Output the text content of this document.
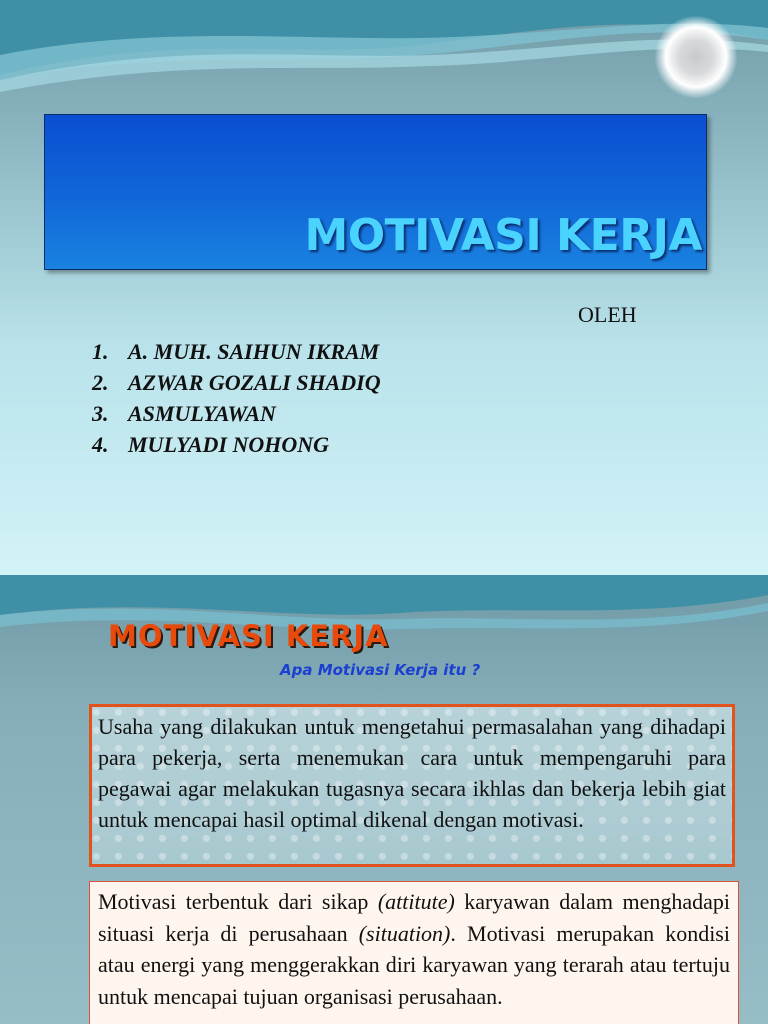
MOTIVASI KERJA
OLEH
1. A. MUH. SAIHUN IKRAM
2. AZWAR GOZALI SHADIQ
3. ASMULYAWAN
4. MULYADI NOHONG
MOTIVASI KERJA
Apa Motivasi Kerja itu ?

Usaha yang dilakukan untuk mengetahui permasalahan yang dihadapi para pekerja, serta menemukan cara untuk mempengaruhi para pegawai agar melakukan tugasnya secara ikhlas dan bekerja lebih giat untuk mencapai hasil optimal dikenal dengan motivasi.

Motivasi terbentuk dari sikap (attitute) karyawan dalam menghadapi situasi kerja di perusahaan (situation). Motivasi merupakan kondisi atau energi yang menggerakkan diri karyawan yang terarah atau tertuju untuk mencapai tujuan organisasi perusahaan.
